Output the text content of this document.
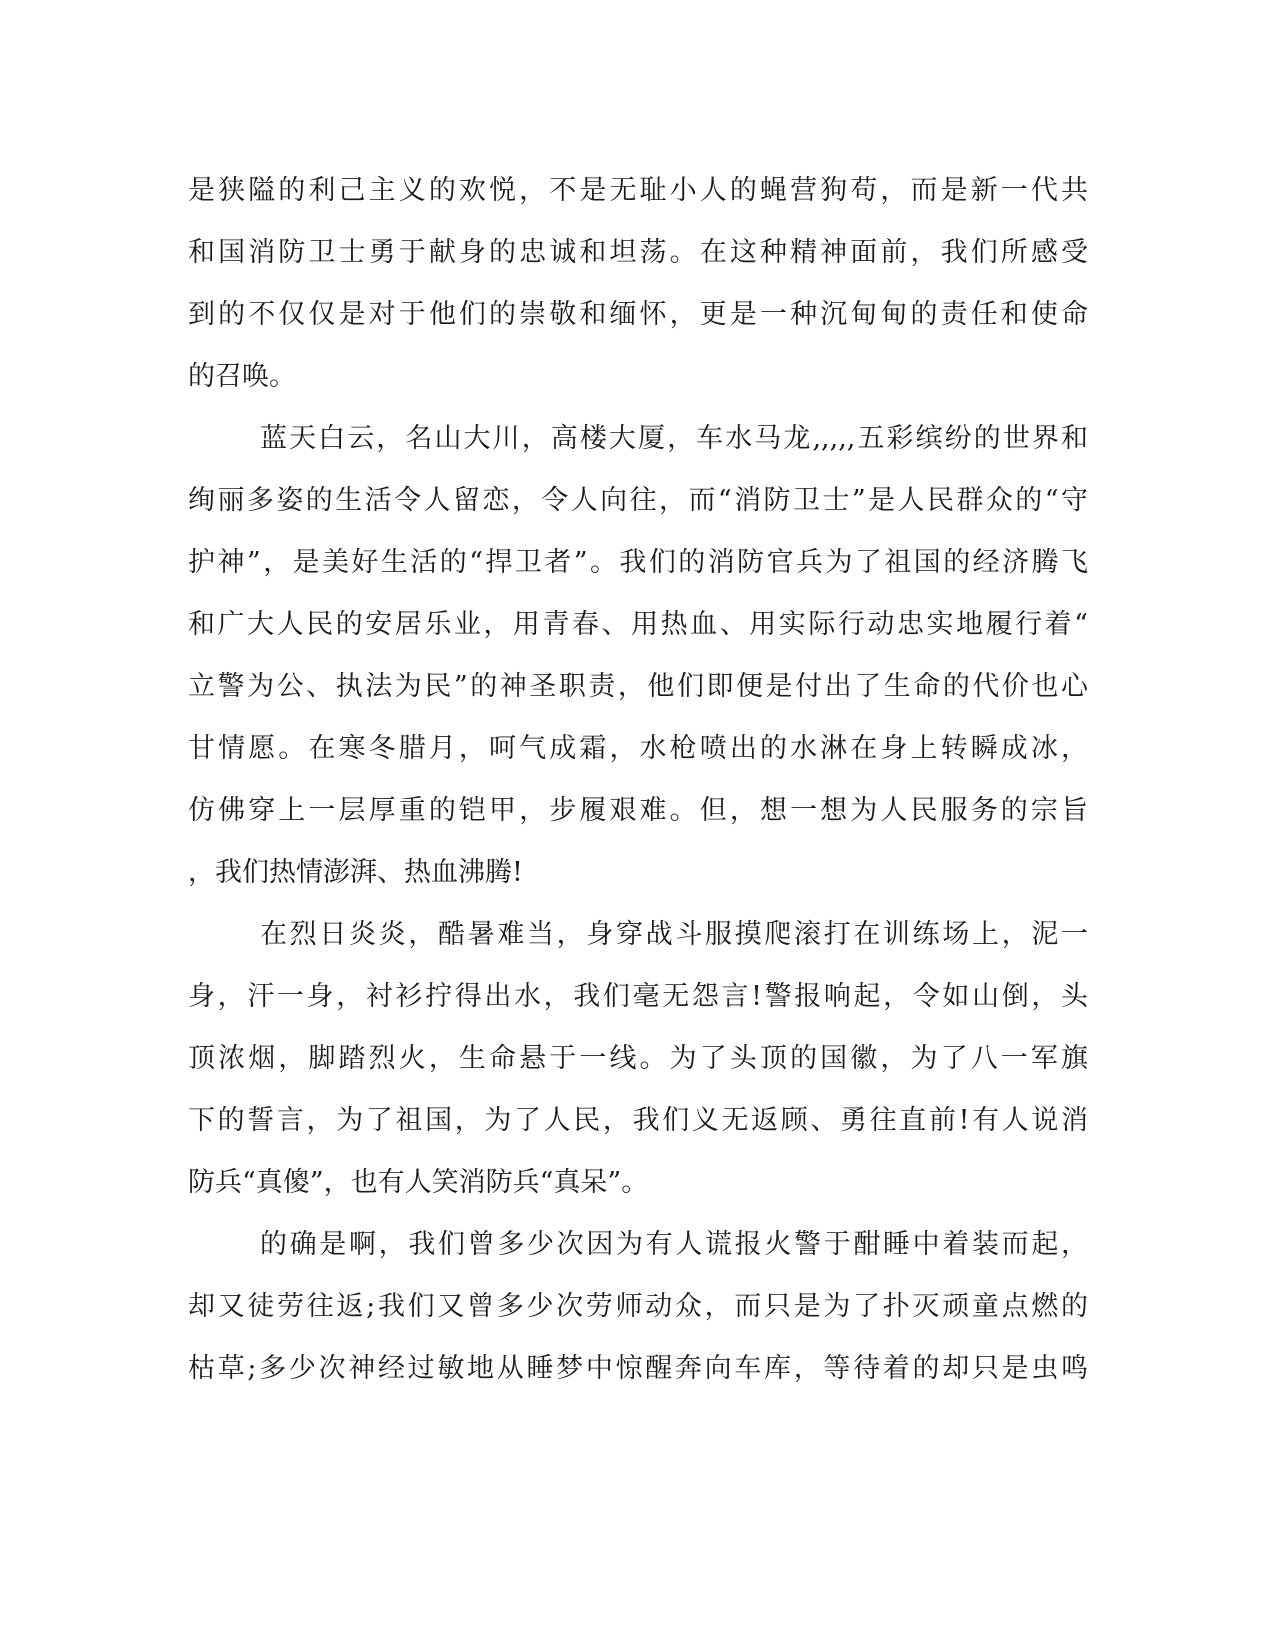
是狭隘的利己主义的欢悦，不是无耻小人的蝇营狗苟，而是新一代共
和国消防卫士勇于献身的忠诚和坦荡。在这种精神面前，我们所感受
到的不仅仅是对于他们的崇敬和缅怀，更是一种沉甸甸的责任和使命
的召唤。
蓝天白云，名山大川，高楼大厦，车水马龙,,,,,五彩缤纷的世界和
绚丽多姿的生活令人留恋，令人向往，而“消防卫士”是人民群众的“守
护神”，是美好生活的“捍卫者”。我们的消防官兵为了祖国的经济腾飞
和广大人民的安居乐业，用青春、用热血、用实际行动忠实地履行着“
立警为公、执法为民”的神圣职责，他们即便是付出了生命的代价也心
甘情愿。在寒冬腊月，呵气成霜，水枪喷出的水淋在身上转瞬成冰，
仿佛穿上一层厚重的铠甲，步履艰难。但，想一想为人民服务的宗旨
，我们热情澎湃、热血沸腾!
在烈日炎炎，酷暑难当，身穿战斗服摸爬滚打在训练场上，泥一
身，汗一身，衬衫拧得出水，我们毫无怨言!警报响起，令如山倒，头
顶浓烟，脚踏烈火，生命悬于一线。为了头顶的国徽，为了八一军旗
下的誓言，为了祖国，为了人民，我们义无返顾、勇往直前!有人说消
防兵“真傻”，也有人笑消防兵“真呆”。
的确是啊，我们曾多少次因为有人谎报火警于酣睡中着装而起，
却又徒劳往返;我们又曾多少次劳师动众，而只是为了扑灭顽童点燃的
枯草;多少次神经过敏地从睡梦中惊醒奔向车库，等待着的却只是虫鸣
